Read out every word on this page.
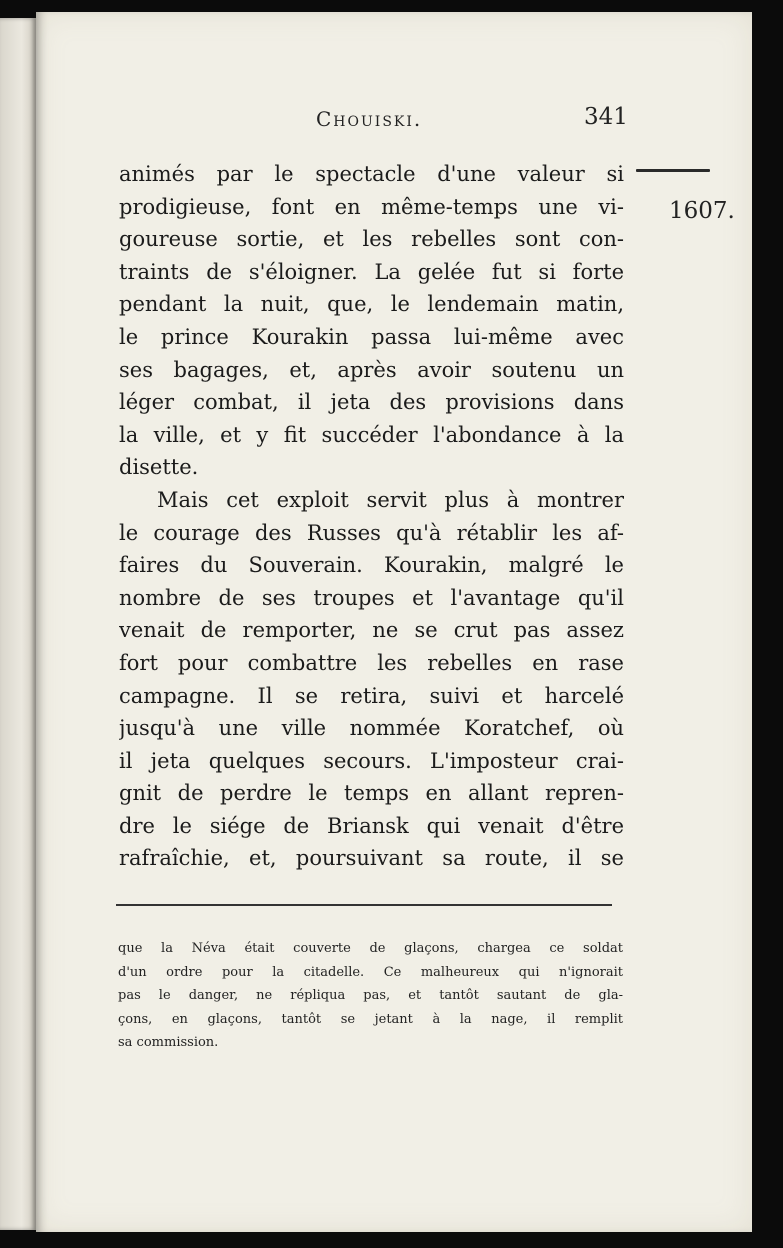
Chouiski.	341
1607.
animés par le spectacle d'une valeur si
prodigieuse, font en même-temps une vi-
goureuse sortie, et les rebelles sont con-
traints de s'éloigner. La gelée fut si forte
pendant la nuit, que, le lendemain matin,
le prince Kourakin passa lui-même avec
ses bagages, et, après avoir soutenu un
léger combat, il jeta des provisions dans
la ville, et y fit succéder l'abondance à la
disette.
Mais cet exploit servit plus à montrer
le courage des Russes qu'à rétablir les af-
faires du Souverain. Kourakin, malgré le
nombre de ses troupes et l'avantage qu'il
venait de remporter, ne se crut pas assez
fort pour combattre les rebelles en rase
campagne. Il se retira, suivi et harcelé
jusqu'à une ville nommée Koratchef, où
il jeta quelques secours. L'imposteur crai-
gnit de perdre le temps en allant repren-
dre le siége de Briansk qui venait d'être
rafraîchie, et, poursuivant sa route, il se
que la Néva était couverte de glaçons, chargea ce soldat
d'un ordre pour la citadelle. Ce malheureux qui n'ignorait
pas le danger, ne répliqua pas, et tantôt sautant de gla-
çons, en glaçons, tantôt se jetant à la nage, il remplit
sa commission.
